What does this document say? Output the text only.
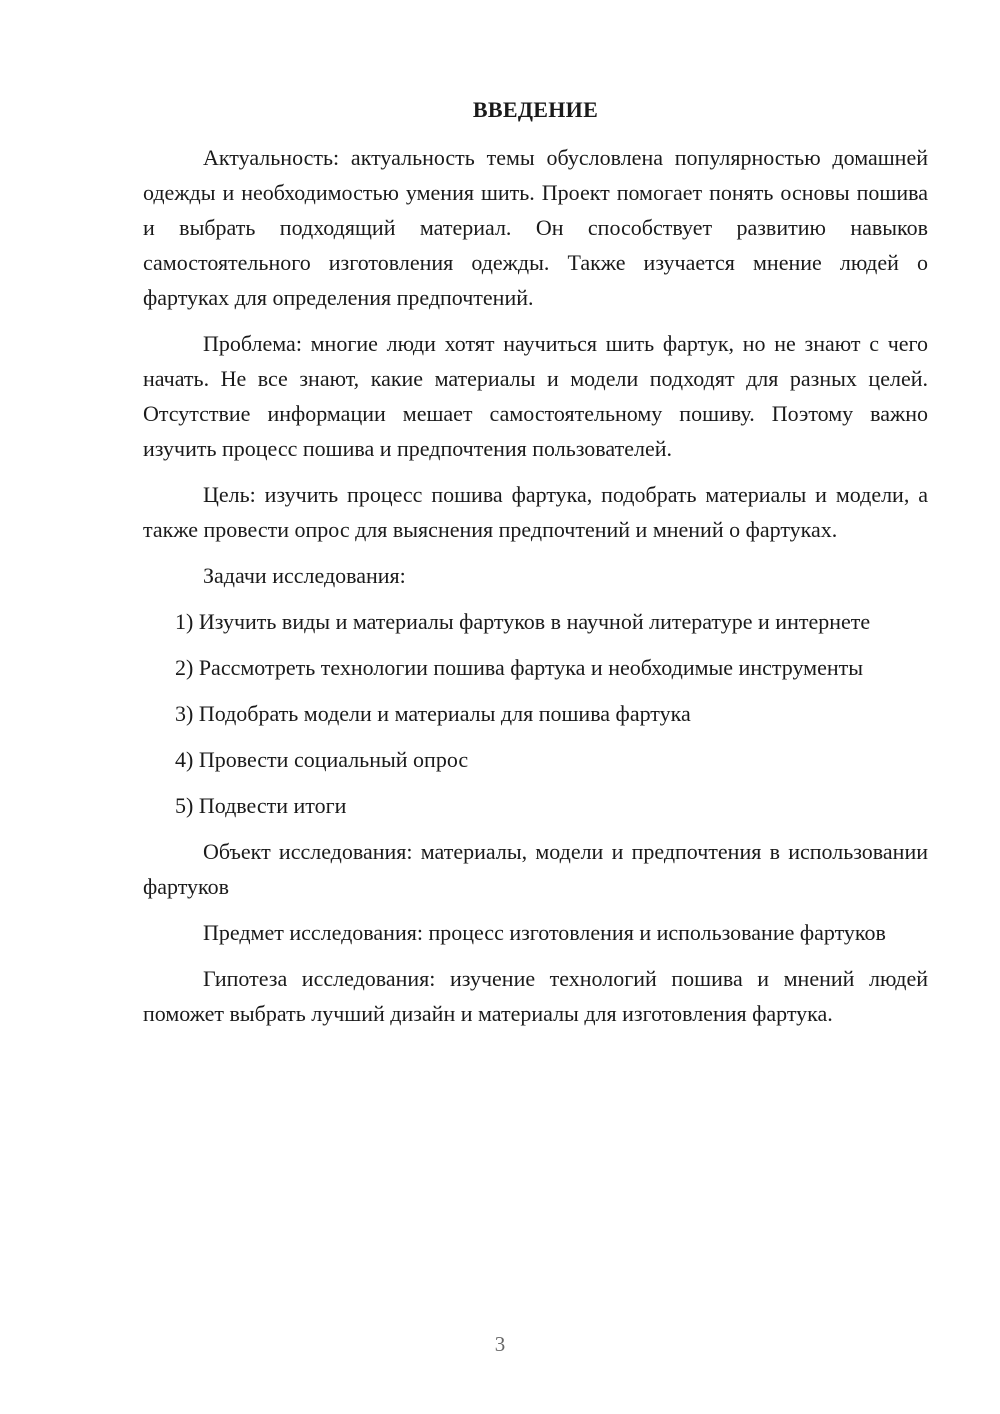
ВВЕДЕНИЕ

Актуальность: актуальность темы обусловлена популярностью домашней одежды и необходимостью умения шить. Проект помогает понять основы пошива и выбрать подходящий материал. Он способствует развитию навыков самостоятельного изготовления одежды. Также изучается мнение людей о фартуках для определения предпочтений.

Проблема: многие люди хотят научиться шить фартук, но не знают с чего начать. Не все знают, какие материалы и модели подходят для разных целей. Отсутствие информации мешает самостоятельному пошиву. Поэтому важно изучить процесс пошива и предпочтения пользователей.

Цель: изучить процесс пошива фартука, подобрать материалы и модели, а также провести опрос для выяснения предпочтений и мнений о фартуках.

Задачи исследования:

1) Изучить виды и материалы фартуков в научной литературе и интернете

2) Рассмотреть технологии пошива фартука и необходимые инструменты

3) Подобрать модели и материалы для пошива фартука

4) Провести социальный опрос

5) Подвести итоги

Объект исследования: материалы, модели и предпочтения в использовании фартуков

Предмет исследования: процесс изготовления и использование фартуков

Гипотеза исследования: изучение технологий пошива и мнений людей поможет выбрать лучший дизайн и материалы для изготовления фартука.

3
